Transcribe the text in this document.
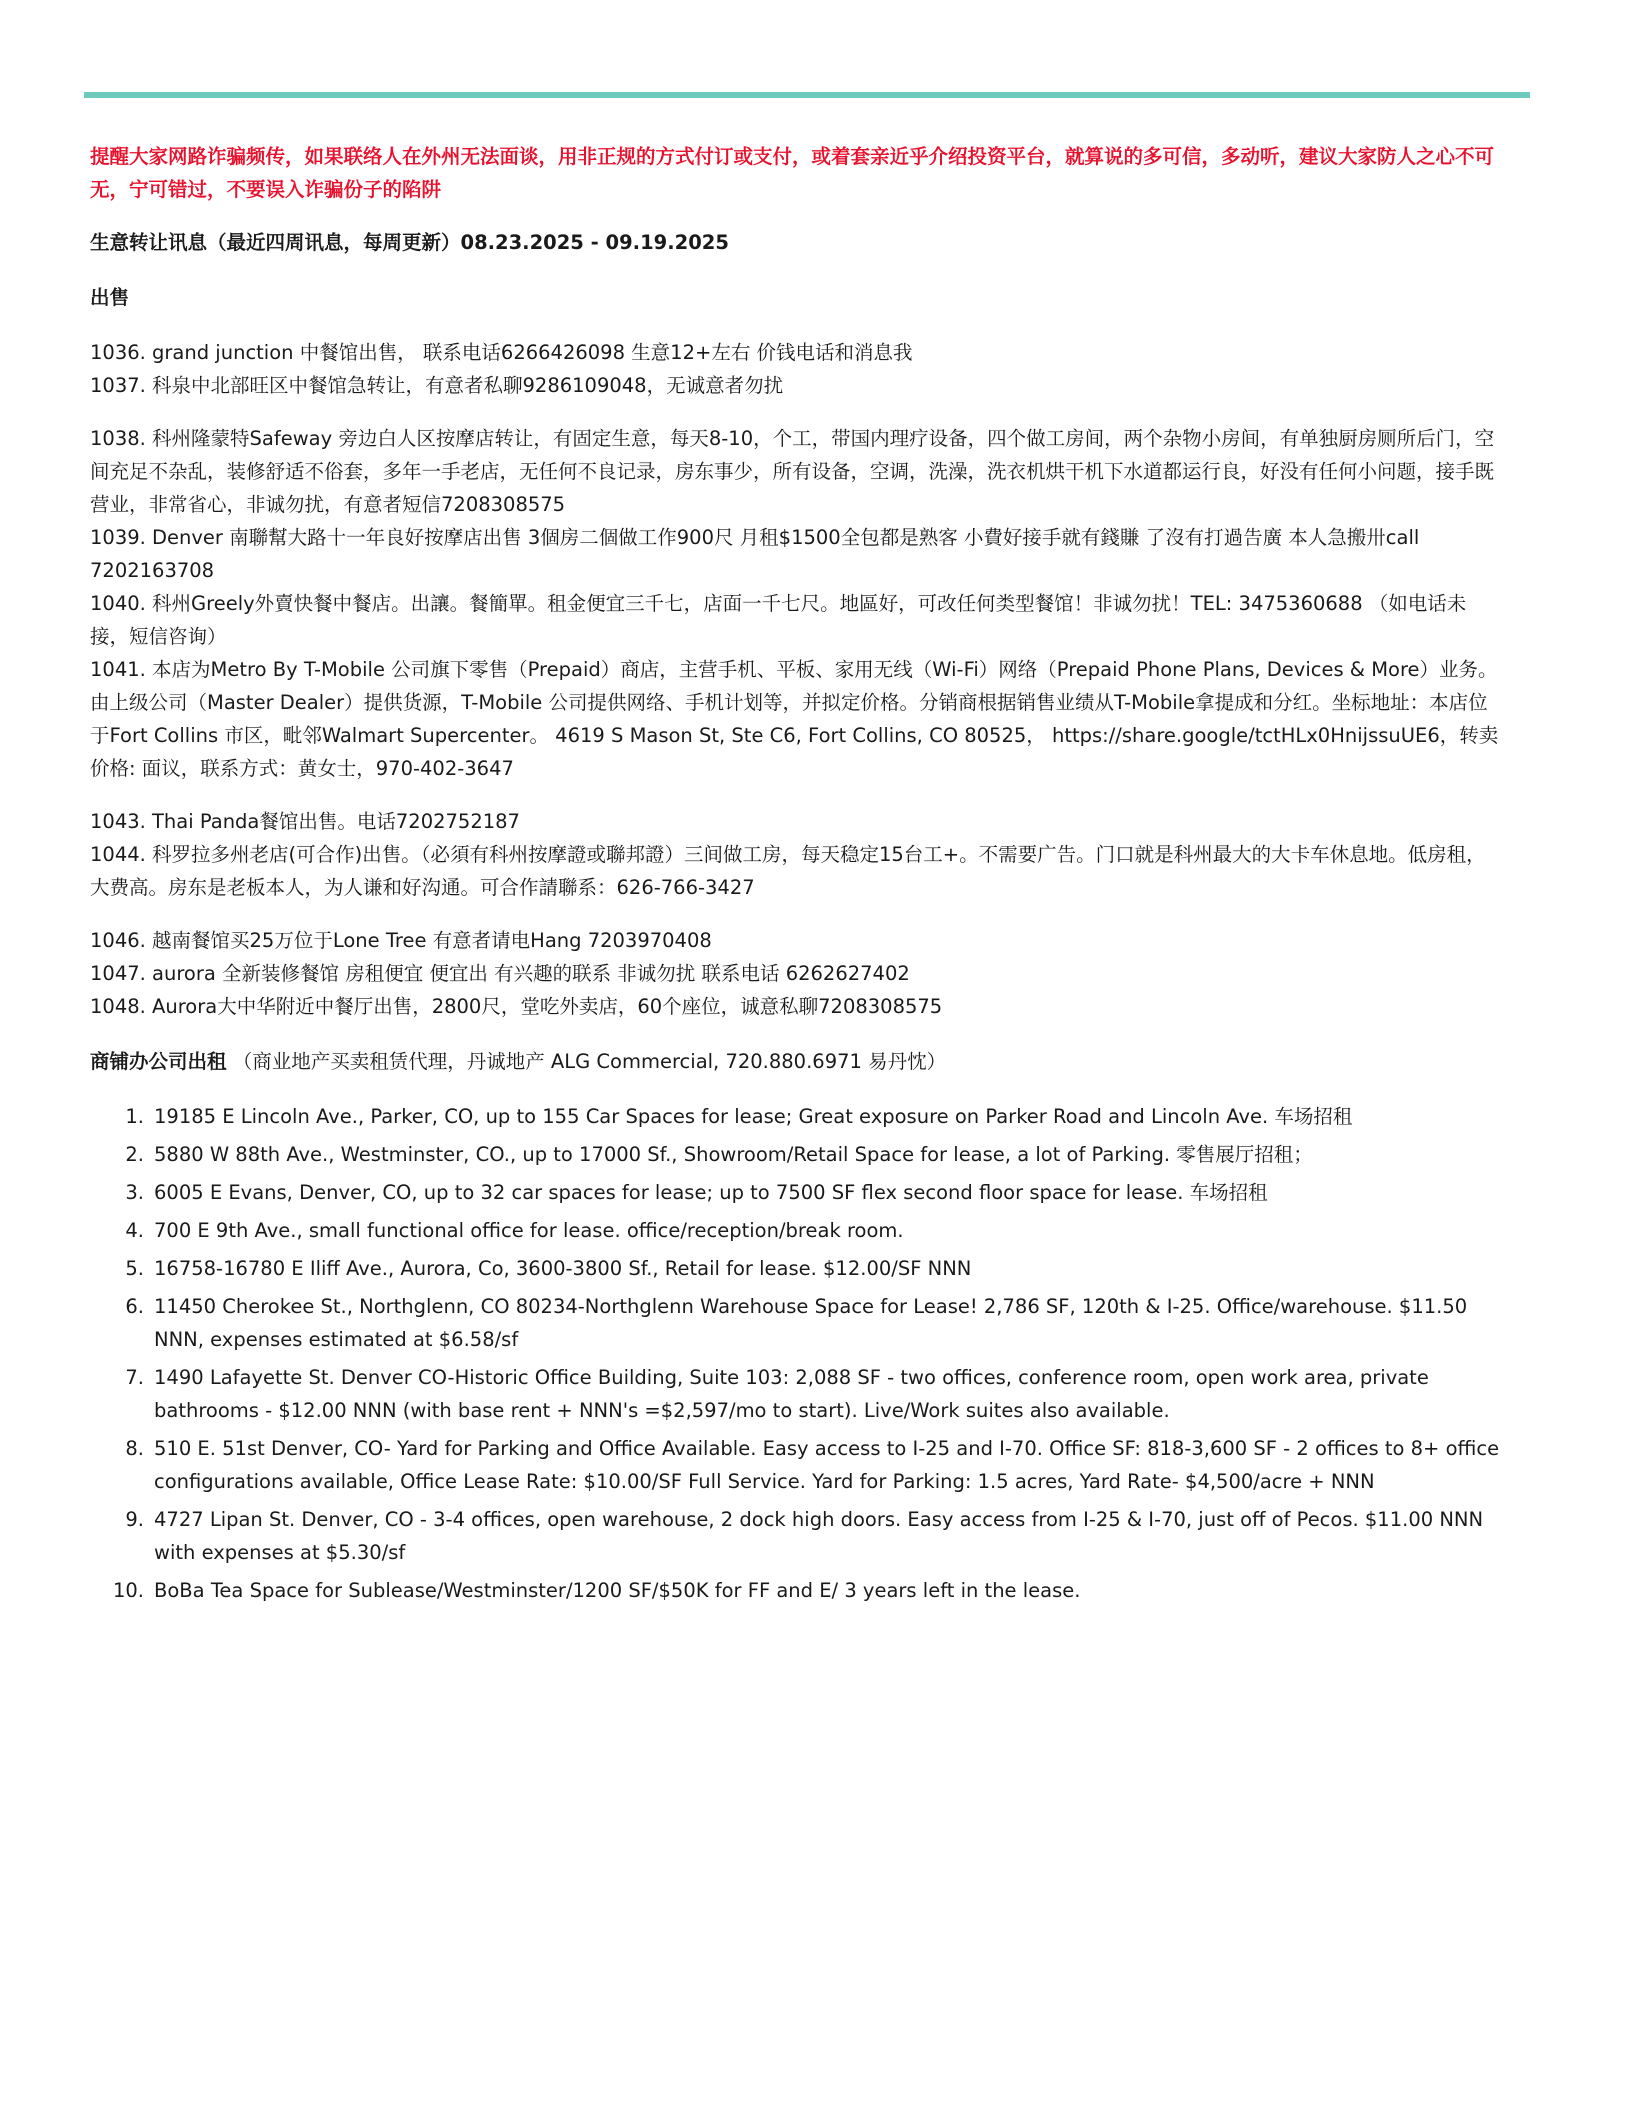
提醒大家网路诈骗频传，如果联络人在外州无法面谈，用非正规的方式付订或支付，或着套亲近乎介绍投资平台，就算说的多可信，多动听，建议大家防人之心不可无，宁可错过，不要误入诈骗份子的陷阱

生意转让讯息（最近四周讯息，每周更新）08.23.2025 - 09.19.2025

出售

1036. grand junction 中餐馆出售， 联系电话6266426098 生意12+左右 价钱电话和消息我

1037. 科泉中北部旺区中餐馆急转让，有意者私聊9286109048，无诚意者勿扰

1038. 科州隆蒙特Safeway 旁边白人区按摩店转让，有固定生意，每天8-10，个工，带国内理疗设备，四个做工房间，两个杂物小房间，有单独厨房厕所后门，空间充足不杂乱，装修舒适不俗套，多年一手老店，无任何不良记录，房东事少，所有设备，空调，洗澡，洗衣机烘干机下水道都运行良，好没有任何小问题，接手既营业，非常省心，非诚勿扰，有意者短信7208308575

1039. Denver 南聯幫大路十一年良好按摩店出售 3個房二個做工作900尺 月租$1500全包都是熟客 小費好接手就有錢賺 了沒有打過告廣 本人急搬卅call 7202163708

1040. 科州Greely外賣快餐中餐店。出讓。餐簡單。租金便宜三千七，店面一千七尺。地區好，可改任何类型餐馆！非诚勿扰！TEL: 3475360688 （如电话未接，短信咨询）

1041. 本店为Metro By T-Mobile 公司旗下零售（Prepaid）商店，主营手机、平板、家用无线（Wi-Fi）网络（Prepaid Phone Plans, Devices & More）业务。由上级公司（Master Dealer）提供货源，T-Mobile 公司提供网络、手机计划等，并拟定价格。分销商根据销售业绩从T-Mobile拿提成和分红。坐标地址：本店位于Fort Collins 市区，毗邻Walmart Supercenter。 4619 S Mason St, Ste C6, Fort Collins, CO 80525， https://share.google/tctHLx0HnijssuUE6，转卖价格: 面议，联系方式：黄女士，970-402-3647

1043. Thai Panda餐馆出售。电话7202752187

1044. 科罗拉多州老店(可合作)出售。（必須有科州按摩證或聯邦證）三间做工房，每天稳定15台工+。不需要广告。门口就是科州最大的大卡车休息地。低房租，大费高。房东是老板本人，为人谦和好沟通。可合作請聯系：626-766-3427

1046. 越南餐馆买25万位于Lone Tree 有意者请电Hang 7203970408

1047. aurora 全新装修餐馆 房租便宜 便宜出 有兴趣的联系 非诚勿扰 联系电话 6262627402

1048. Aurora大中华附近中餐厅出售，2800尺，堂吃外卖店，60个座位，诚意私聊7208308575

商铺办公司出租 （商业地产买卖租赁代理，丹诚地产 ALG Commercial, 720.880.6971 易丹忱）

1. 19185 E Lincoln Ave., Parker, CO, up to 155 Car Spaces for lease; Great exposure on Parker Road and Lincoln Ave. 车场招租
2. 5880 W 88th Ave., Westminster, CO., up to 17000 Sf., Showroom/Retail Space for lease, a lot of Parking. 零售展厅招租；
3. 6005 E Evans, Denver, CO, up to 32 car spaces for lease; up to 7500 SF flex second floor space for lease. 车场招租
4. 700 E 9th Ave., small functional office for lease. office/reception/break room.
5. 16758-16780 E Iliff Ave., Aurora, Co, 3600-3800 Sf., Retail for lease. $12.00/SF NNN
6. 11450 Cherokee St., Northglenn, CO 80234-Northglenn Warehouse Space for Lease! 2,786 SF, 120th & I-25. Office/warehouse. $11.50 NNN, expenses estimated at $6.58/sf
7. 1490 Lafayette St. Denver CO-Historic Office Building, Suite 103: 2,088 SF - two offices, conference room, open work area, private bathrooms - $12.00 NNN (with base rent + NNN's =$2,597/mo to start). Live/Work suites also available.
8. 510 E. 51st Denver, CO- Yard for Parking and Office Available. Easy access to I-25 and I-70. Office SF: 818-3,600 SF - 2 offices to 8+ office configurations available, Office Lease Rate: $10.00/SF Full Service. Yard for Parking: 1.5 acres, Yard Rate- $4,500/acre + NNN
9. 4727 Lipan St. Denver, CO - 3-4 offices, open warehouse, 2 dock high doors. Easy access from I-25 & I-70, just off of Pecos. $11.00 NNN with expenses at $5.30/sf
10. BoBa Tea Space for Sublease/Westminster/1200 SF/$50K for FF and E/ 3 years left in the lease.
